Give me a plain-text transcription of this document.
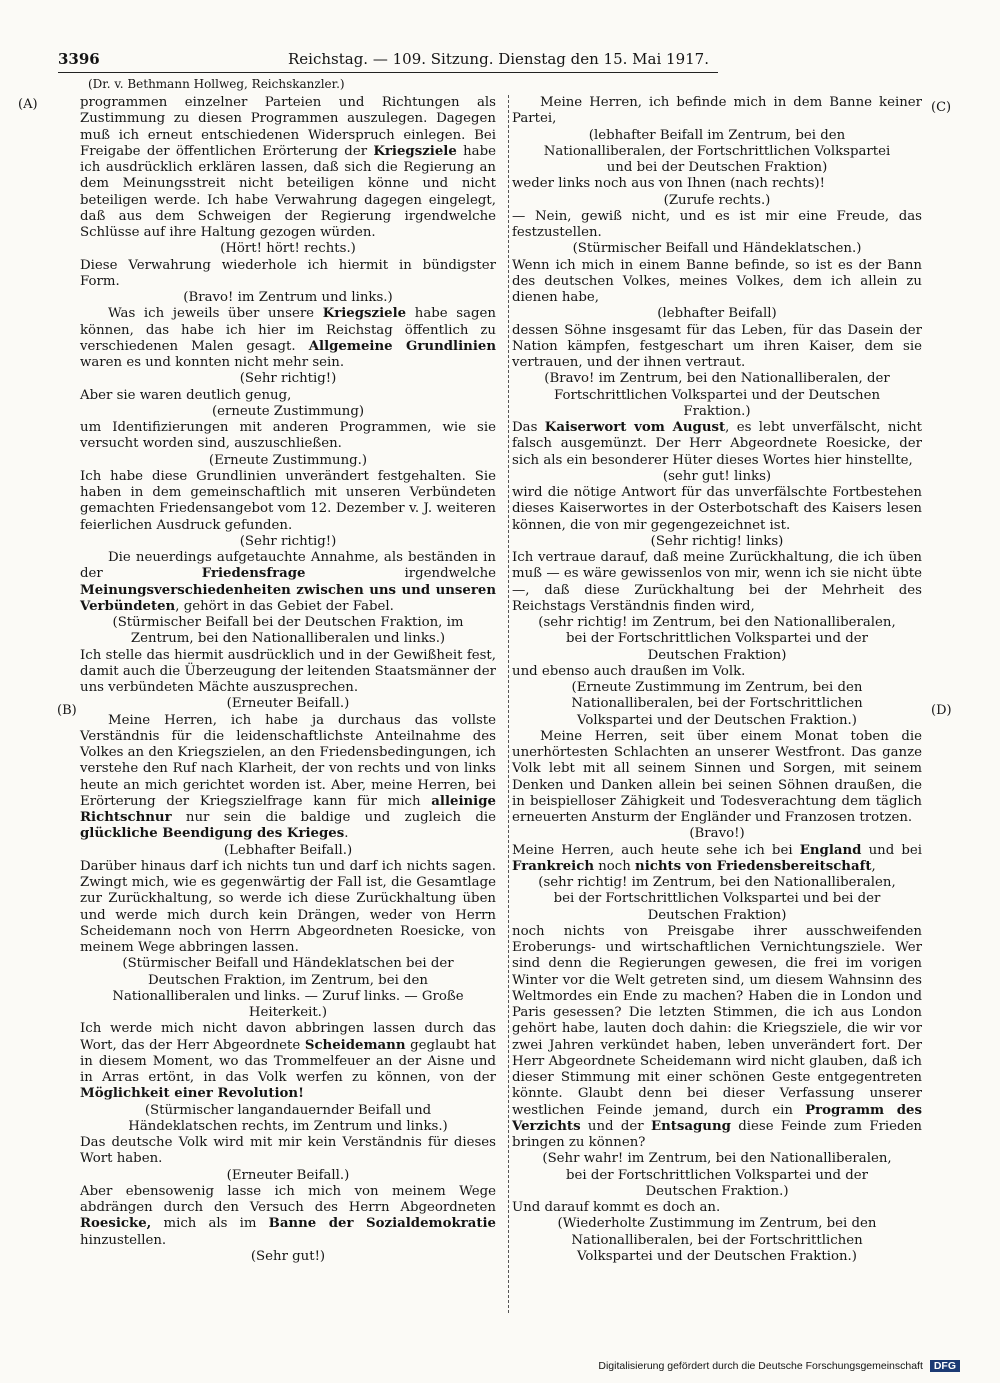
3396	Reichstag. — 109. Sitzung. Dienstag den 15. Mai 1917.
(Dr. v. Bethmann Hollweg, Reichskanzler.)
(A)
(B)
(C)
(D)

programmen einzelner Parteien und Richtungen als Zustimmung zu diesen Programmen auszulegen. Dagegen muß ich erneut entschiedenen Widerspruch einlegen. Bei Freigabe der öffentlichen Erörterung der Kriegsziele habe ich ausdrücklich erklären lassen, daß sich die Regierung an dem Meinungsstreit nicht beteiligen könne und nicht beteiligen werde. Ich habe Verwahrung dagegen eingelegt, daß aus dem Schweigen der Regierung irgendwelche Schlüsse auf ihre Haltung gezogen würden.

(Hört! hört! rechts.)

Diese Verwahrung wiederhole ich hiermit in bündigster Form.

(Bravo! im Zentrum und links.)

Was ich jeweils über unsere Kriegsziele habe sagen können, das habe ich hier im Reichstag öffentlich zu verschiedenen Malen gesagt. Allgemeine Grundlinien waren es und konnten nicht mehr sein.

(Sehr richtig!)

Aber sie waren deutlich genug,

(erneute Zustimmung)

um Identifizierungen mit anderen Programmen, wie sie versucht worden sind, auszuschließen.

(Erneute Zustimmung.)

Ich habe diese Grundlinien unverändert festgehalten. Sie haben in dem gemeinschaftlich mit unseren Verbündeten gemachten Friedensangebot vom 12. Dezember v. J. weiteren feierlichen Ausdruck gefunden.

(Sehr richtig!)

Die neuerdings aufgetauchte Annahme, als beständen in der Friedensfrage irgendwelche Meinungsverschiedenheiten zwischen uns und unseren Verbündeten, gehört in das Gebiet der Fabel.

(Stürmischer Beifall bei der Deutschen Fraktion, im Zentrum, bei den Nationalliberalen und links.)

Ich stelle das hiermit ausdrücklich und in der Gewißheit fest, damit auch die Überzeugung der leitenden Staatsmänner der uns verbündeten Mächte auszusprechen.

(Erneuter Beifall.)

Meine Herren, ich habe ja durchaus das vollste Verständnis für die leidenschaftlichste Anteilnahme des Volkes an den Kriegszielen, an den Friedensbedingungen, ich verstehe den Ruf nach Klarheit, der von rechts und von links heute an mich gerichtet worden ist. Aber, meine Herren, bei Erörterung der Kriegszielfrage kann für mich alleinige Richtschnur nur sein die baldige und zugleich die glückliche Beendigung des Krieges.

(Lebhafter Beifall.)

Darüber hinaus darf ich nichts tun und darf ich nichts sagen. Zwingt mich, wie es gegenwärtig der Fall ist, die Gesamtlage zur Zurückhaltung, so werde ich diese Zurückhaltung üben und werde mich durch kein Drängen, weder von Herrn Scheidemann noch von Herrn Abgeordneten Roesicke, von meinem Wege abbringen lassen.

(Stürmischer Beifall und Händeklatschen bei der Deutschen Fraktion, im Zentrum, bei den Nationalliberalen und links. — Zuruf links. — Große Heiterkeit.)

Ich werde mich nicht davon abbringen lassen durch das Wort, das der Herr Abgeordnete Scheidemann geglaubt hat in diesem Moment, wo das Trommelfeuer an der Aisne und in Arras ertönt, in das Volk werfen zu können, von der Möglichkeit einer Revolution!

(Stürmischer langandauernder Beifall und Händeklatschen rechts, im Zentrum und links.)

Das deutsche Volk wird mit mir kein Verständnis für dieses Wort haben.

(Erneuter Beifall.)

Aber ebensowenig lasse ich mich von meinem Wege abdrängen durch den Versuch des Herrn Abgeordneten Roesicke, mich als im Banne der Sozialdemokratie hinzustellen.

(Sehr gut!)

Meine Herren, ich befinde mich in dem Banne keiner Partei,

(lebhafter Beifall im Zentrum, bei den Nationalliberalen, der Fortschrittlichen Volkspartei und bei der Deutschen Fraktion)

weder links noch aus von Ihnen (nach rechts)!

(Zurufe rechts.)

— Nein, gewiß nicht, und es ist mir eine Freude, das festzustellen.

(Stürmischer Beifall und Händeklatschen.)

Wenn ich mich in einem Banne befinde, so ist es der Bann des deutschen Volkes, meines Volkes, dem ich allein zu dienen habe,

(lebhafter Beifall)

dessen Söhne insgesamt für das Leben, für das Dasein der Nation kämpfen, festgeschart um ihren Kaiser, dem sie vertrauen, und der ihnen vertraut.

(Bravo! im Zentrum, bei den Nationalliberalen, der Fortschrittlichen Volkspartei und der Deutschen Fraktion.)

Das Kaiserwort vom August, es lebt unverfälscht, nicht falsch ausgemünzt. Der Herr Abgeordnete Roesicke, der sich als ein besonderer Hüter dieses Wortes hier hinstellte,

(sehr gut! links)

wird die nötige Antwort für das unverfälschte Fortbestehen dieses Kaiserwortes in der Osterbotschaft des Kaisers lesen können, die von mir gegengezeichnet ist.

(Sehr richtig! links)

Ich vertraue darauf, daß meine Zurückhaltung, die ich üben muß — es wäre gewissenlos von mir, wenn ich sie nicht übte —, daß diese Zurückhaltung bei der Mehrheit des Reichstags Verständnis finden wird,

(sehr richtig! im Zentrum, bei den Nationalliberalen, bei der Fortschrittlichen Volkspartei und der Deutschen Fraktion)

und ebenso auch draußen im Volk.

(Erneute Zustimmung im Zentrum, bei den Nationalliberalen, bei der Fortschrittlichen Volkspartei und der Deutschen Fraktion.)

Meine Herren, seit über einem Monat toben die unerhörtesten Schlachten an unserer Westfront. Das ganze Volk lebt mit all seinem Sinnen und Sorgen, mit seinem Denken und Danken allein bei seinen Söhnen draußen, die in beispielloser Zähigkeit und Todesverachtung dem täglich erneuerten Ansturm der Engländer und Franzosen trotzen.

(Bravo!)

Meine Herren, auch heute sehe ich bei England und bei Frankreich noch nichts von Friedensbereitschaft,

(sehr richtig! im Zentrum, bei den Nationalliberalen, bei der Fortschrittlichen Volkspartei und bei der Deutschen Fraktion)

noch nichts von Preisgabe ihrer ausschweifenden Eroberungs- und wirtschaftlichen Vernichtungsziele. Wer sind denn die Regierungen gewesen, die frei im vorigen Winter vor die Welt getreten sind, um diesem Wahnsinn des Weltmordes ein Ende zu machen? Haben die in London und Paris gesessen? Die letzten Stimmen, die ich aus London gehört habe, lauten doch dahin: die Kriegsziele, die wir vor zwei Jahren verkündet haben, leben unverändert fort. Der Herr Abgeordnete Scheidemann wird nicht glauben, daß ich dieser Stimmung mit einer schönen Geste entgegentreten könnte. Glaubt denn bei dieser Verfassung unserer westlichen Feinde jemand, durch ein Programm des Verzichts und der Entsagung diese Feinde zum Frieden bringen zu können?

(Sehr wahr! im Zentrum, bei den Nationalliberalen, bei der Fortschrittlichen Volkspartei und der Deutschen Fraktion.)

Und darauf kommt es doch an.

(Wiederholte Zustimmung im Zentrum, bei den Nationalliberalen, bei der Fortschrittlichen Volkspartei und der Deutschen Fraktion.)

Digitalisierung gefördert durch die Deutsche Forschungsgemeinschaft DFG
